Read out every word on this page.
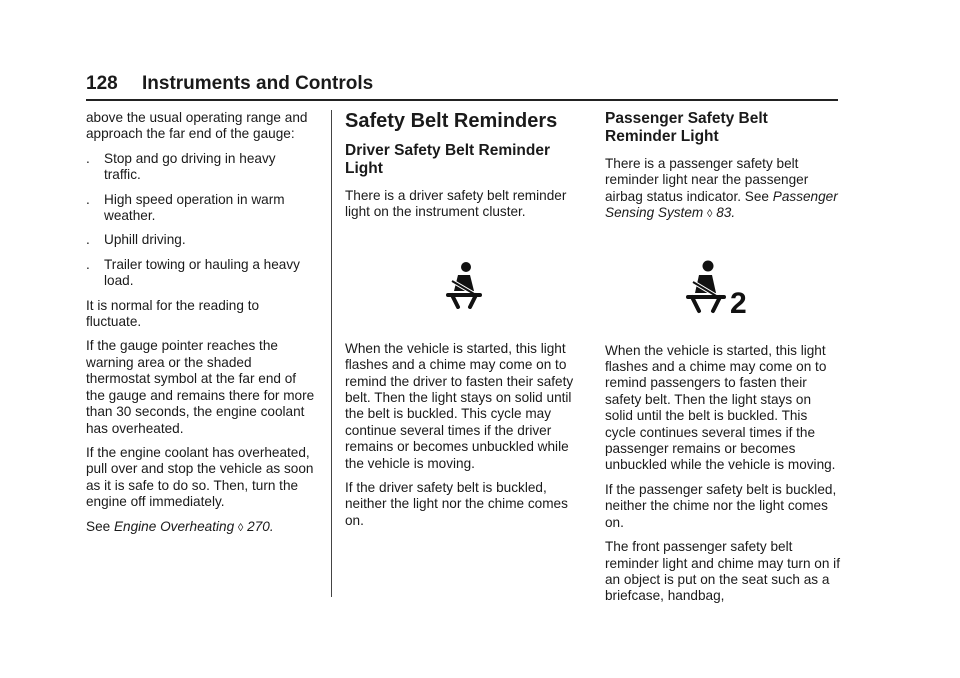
128 Instruments and Controls

above the usual operating range and approach the far end of the gauge:

. Stop and go driving in heavy traffic.
. High speed operation in warm weather.
. Uphill driving.
. Trailer towing or hauling a heavy load.

It is normal for the reading to fluctuate.

If the gauge pointer reaches the warning area or the shaded thermostat symbol at the far end of the gauge and remains there for more than 30 seconds, the engine coolant has overheated.

If the engine coolant has overheated, pull over and stop the vehicle as soon as it is safe to do so. Then, turn the engine off immediately.

See Engine Overheating ◊ 270.

Safety Belt Reminders
Driver Safety Belt Reminder Light

There is a driver safety belt reminder light on the instrument cluster.

When the vehicle is started, this light flashes and a chime may come on to remind the driver to fasten their safety belt. Then the light stays on solid until the belt is buckled. This cycle may continue several times if the driver remains or becomes unbuckled while the vehicle is moving.

If the driver safety belt is buckled, neither the light nor the chime comes on.

Passenger Safety Belt Reminder Light

There is a passenger safety belt reminder light near the passenger airbag status indicator. See Passenger Sensing System ◊ 83.

2

When the vehicle is started, this light flashes and a chime may come on to remind passengers to fasten their safety belt. Then the light stays on solid until the belt is buckled. This cycle continues several times if the passenger remains or becomes unbuckled while the vehicle is moving.

If the passenger safety belt is buckled, neither the chime nor the light comes on.

The front passenger safety belt reminder light and chime may turn on if an object is put on the seat such as a briefcase, handbag,
